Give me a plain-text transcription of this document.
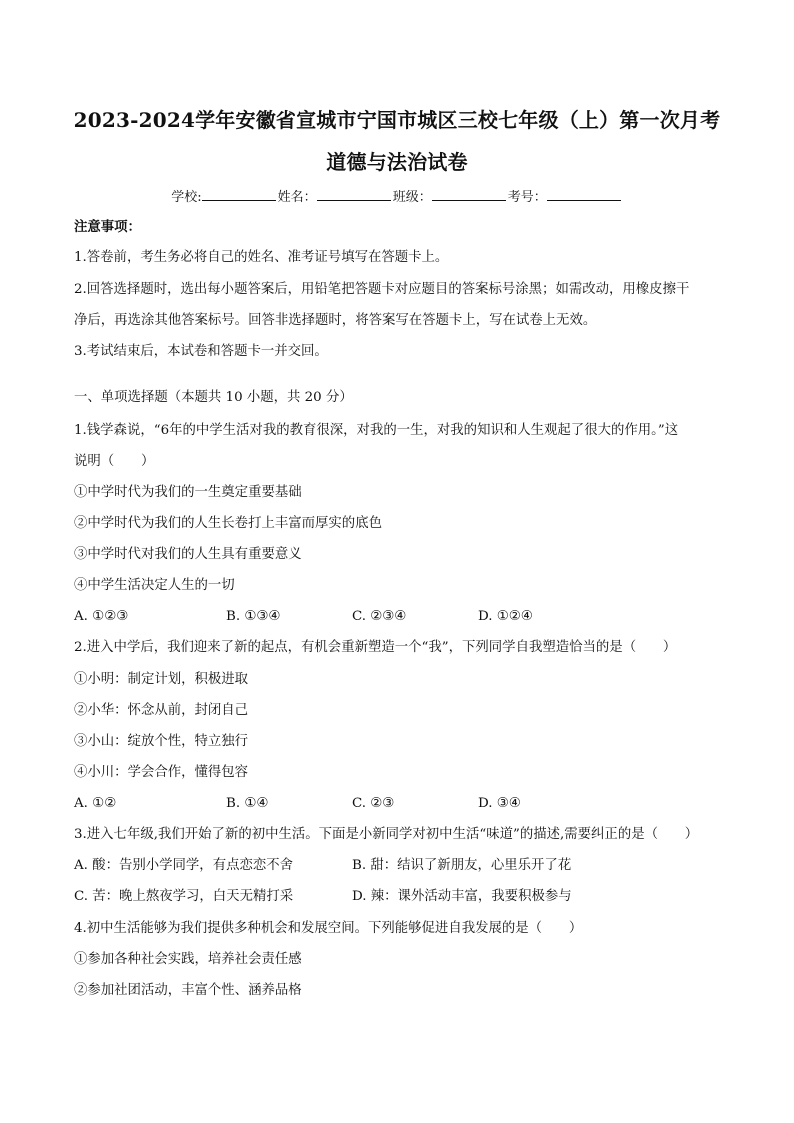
2023-2024学年安徽省宣城市宁国市城区三校七年级（上）第一次月考
道德与法治试卷
学校:	姓名：	班级：	考号：
注意事项：
1.答卷前，考生务必将自己的姓名、准考证号填写在答题卡上。
2.回答选择题时，选出每小题答案后，用铅笔把答题卡对应题目的答案标号涂黑；如需改动，用橡皮擦干
净后，再选涂其他答案标号。回答非选择题时，将答案写在答题卡上，写在试卷上无效。
3.考试结束后，本试卷和答题卡一并交回。
一、单项选择题（本题共 10 小题，共 20 分）
1.钱学森说，“6年的中学生活对我的教育很深，对我的一生，对我的知识和人生观起了很大的作用。”这
说明（　　）
①中学时代为我们的一生奠定重要基础
②中学时代为我们的人生长卷打上丰富而厚实的底色
③中学时代对我们的人生具有重要意义
④中学生活决定人生的一切
A. ①②③	B. ①③④	C. ②③④	D. ①②④
2.进入中学后，我们迎来了新的起点，有机会重新塑造一个“我”，下列同学自我塑造恰当的是（　　）
①小明：制定计划，积极进取
②小华：怀念从前，封闭自己
③小山：绽放个性，特立独行
④小川：学会合作，懂得包容
A. ①②	B. ①④	C. ②③	D. ③④
3.进入七年级,我们开始了新的初中生活。下面是小新同学对初中生活“味道”的描述,需要纠正的是（　　）
A. 酸：告别小学同学，有点恋恋不舍	B. 甜：结识了新朋友，心里乐开了花
C. 苦：晚上熬夜学习，白天无精打采	D. 辣：课外活动丰富，我要积极参与
4.初中生活能够为我们提供多种机会和发展空间。下列能够促进自我发展的是（　　）
①参加各种社会实践，培养社会责任感
②参加社团活动，丰富个性、涵养品格
